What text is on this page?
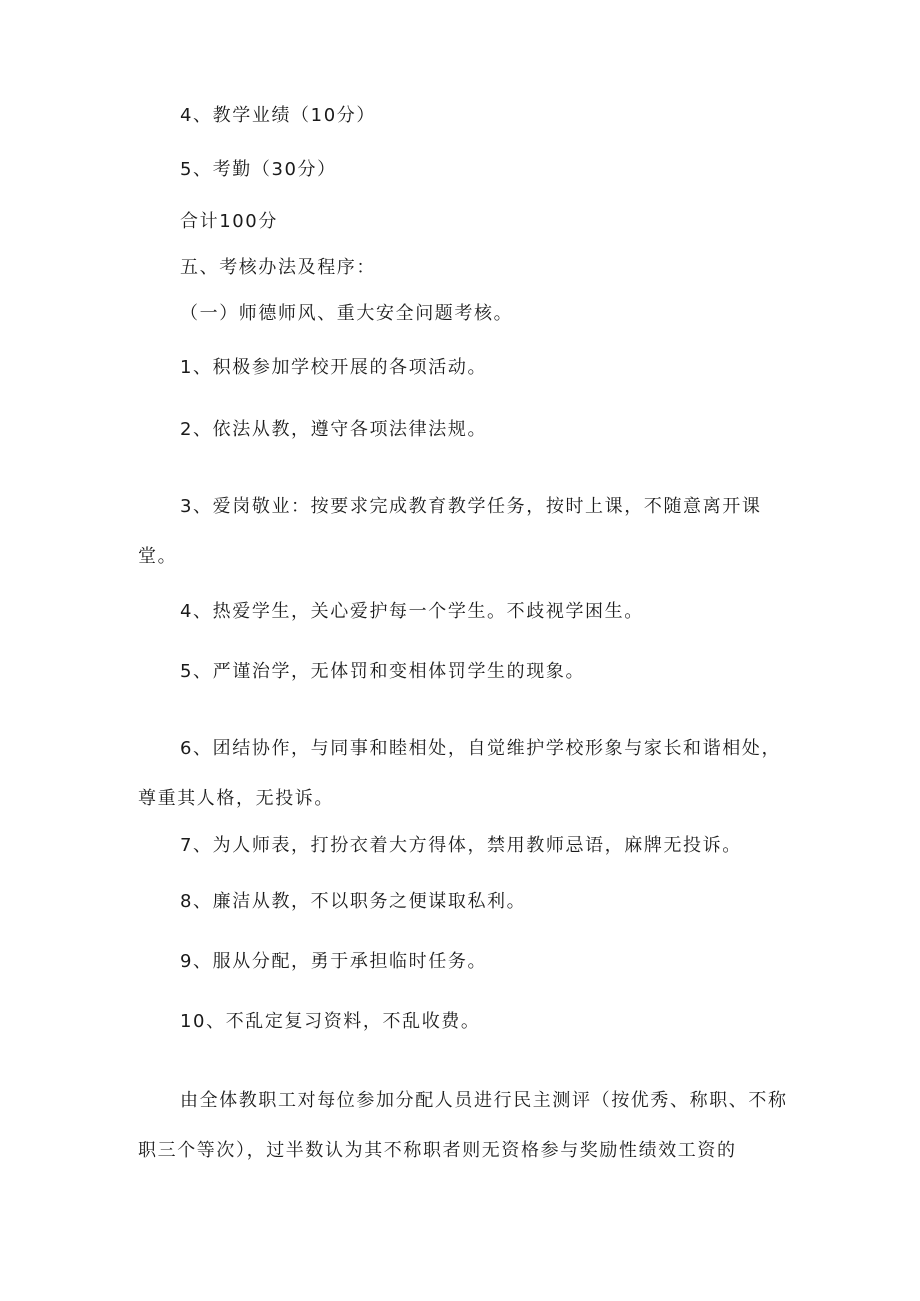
4、教学业绩（10分）

5、考勤（30分）

合计100分

五、考核办法及程序：

（一）师德师风、重大安全问题考核。

1、积极参加学校开展的各项活动。

2、依法从教，遵守各项法律法规。

3、爱岗敬业：按要求完成教育教学任务，按时上课，不随意离开课堂。

4、热爱学生，关心爱护每一个学生。不歧视学困生。

5、严谨治学，无体罚和变相体罚学生的现象。

6、团结协作，与同事和睦相处，自觉维护学校形象与家长和谐相处，尊重其人格，无投诉。

7、为人师表，打扮衣着大方得体，禁用教师忌语，麻牌无投诉。

8、廉洁从教，不以职务之便谋取私利。

9、服从分配，勇于承担临时任务。

10、不乱定复习资料，不乱收费。

由全体教职工对每位参加分配人员进行民主测评（按优秀、称职、不称职三个等次），过半数认为其不称职者则无资格参与奖励性绩效工资的
